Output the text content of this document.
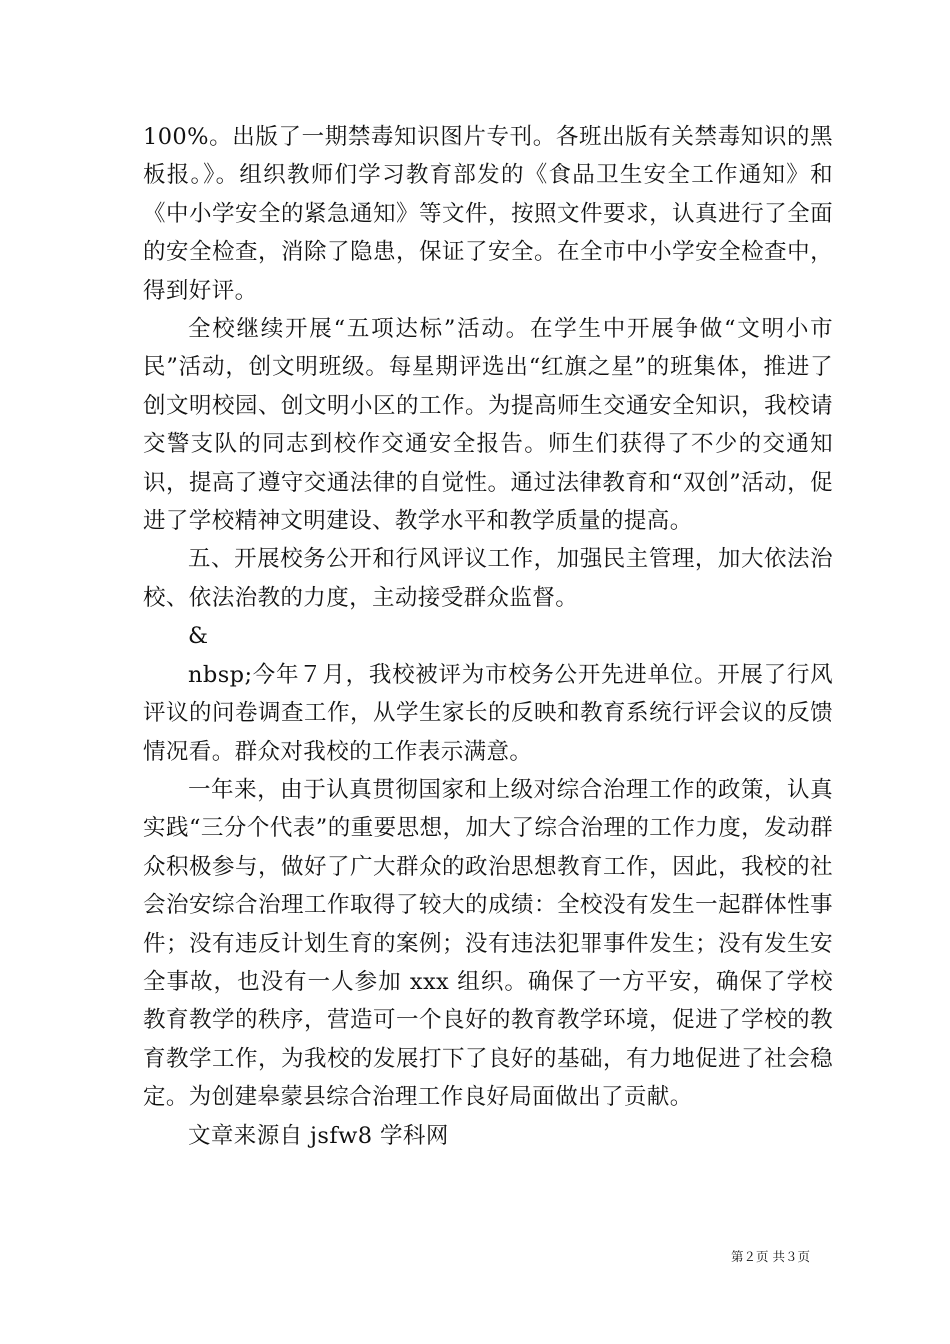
100%。出版了一期禁毒知识图片专刊。各班出版有关禁毒知识的黑板报。》。组织教师们学习教育部发的《食品卫生安全工作通知》和《中小学安全的紧急通知》等文件，按照文件要求，认真进行了全面的安全检查，消除了隐患，保证了安全。在全市中小学安全检查中，得到好评。

全校继续开展“五项达标”活动。在学生中开展争做“文明小市民”活动，创文明班级。每星期评选出“红旗之星”的班集体，推进了创文明校园、创文明小区的工作。为提高师生交通安全知识，我校请交警支队的同志到校作交通安全报告。师生们获得了不少的交通知识，提高了遵守交通法律的自觉性。通过法律教育和“双创”活动，促进了学校精神文明建设、教学水平和教学质量的提高。

五、开展校务公开和行风评议工作，加强民主管理，加大依法治校、依法治教的力度，主动接受群众监督。

&

nbsp;今年７月，我校被评为市校务公开先进单位。开展了行风评议的问卷调查工作，从学生家长的反映和教育系统行评会议的反馈情况看。群众对我校的工作表示满意。

一年来，由于认真贯彻国家和上级对综合治理工作的政策，认真实践“三分个代表”的重要思想，加大了综合治理的工作力度，发动群众积极参与，做好了广大群众的政治思想教育工作，因此，我校的社会治安综合治理工作取得了较大的成绩：全校没有发生一起群体性事件；没有违反计划生育的案例；没有违法犯罪事件发生；没有发生安全事故，也没有一人参加 xxx 组织。确保了一方平安，确保了学校教育教学的秩序，营造可一个良好的教育教学环境，促进了学校的教育教学工作，为我校的发展打下了良好的基础，有力地促进了社会稳定。为创建皋蒙县综合治理工作良好局面做出了贡献。

文章来源自 jsfw8 学科网

第２页 共３页
